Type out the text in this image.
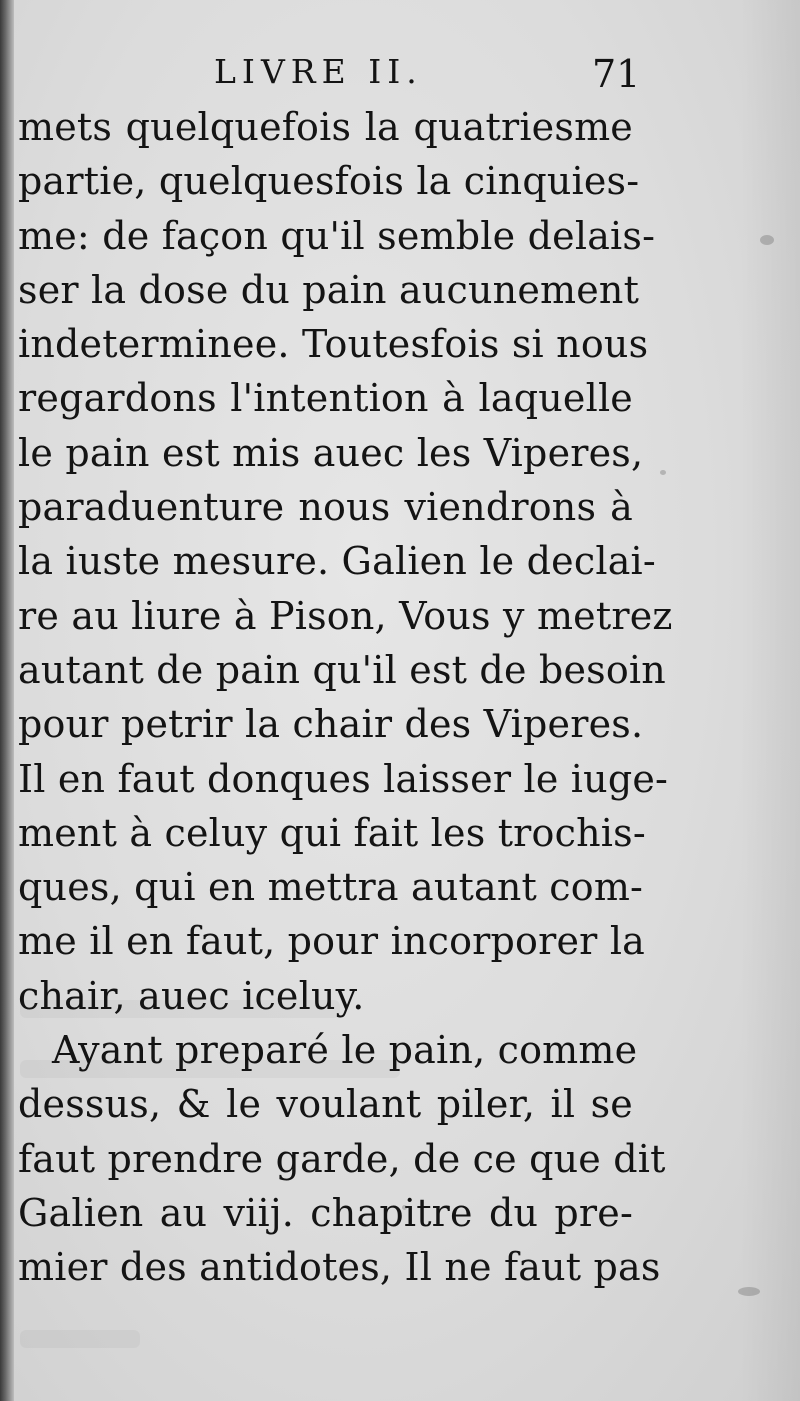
LIVRE II.	71
mets quelquefois la quatriesme
partie, quelquesfois la cinquies-
me: de façon qu'il semble delais-
ser la dose du pain aucunement
indeterminee. Toutesfois si nous
regardons l'intention à laquelle
le pain est mis auec les Viperes,
paraduenture nous viendrons à
la iuste mesure. Galien le declai-
re au liure à Pison, Vous y metrez
autant de pain qu'il est de besoin
pour petrir la chair des Viperes.
Il en faut donques laisser le iuge-
ment à celuy qui fait les trochis-
ques, qui en mettra autant com-
me il en faut, pour incorporer la
chair, auec iceluy.
Ayant preparé le pain, comme
dessus, & le voulant piler, il se
faut prendre garde, de ce que dit
Galien au viij. chapitre du pre-
mier des antidotes, Il ne faut pas
